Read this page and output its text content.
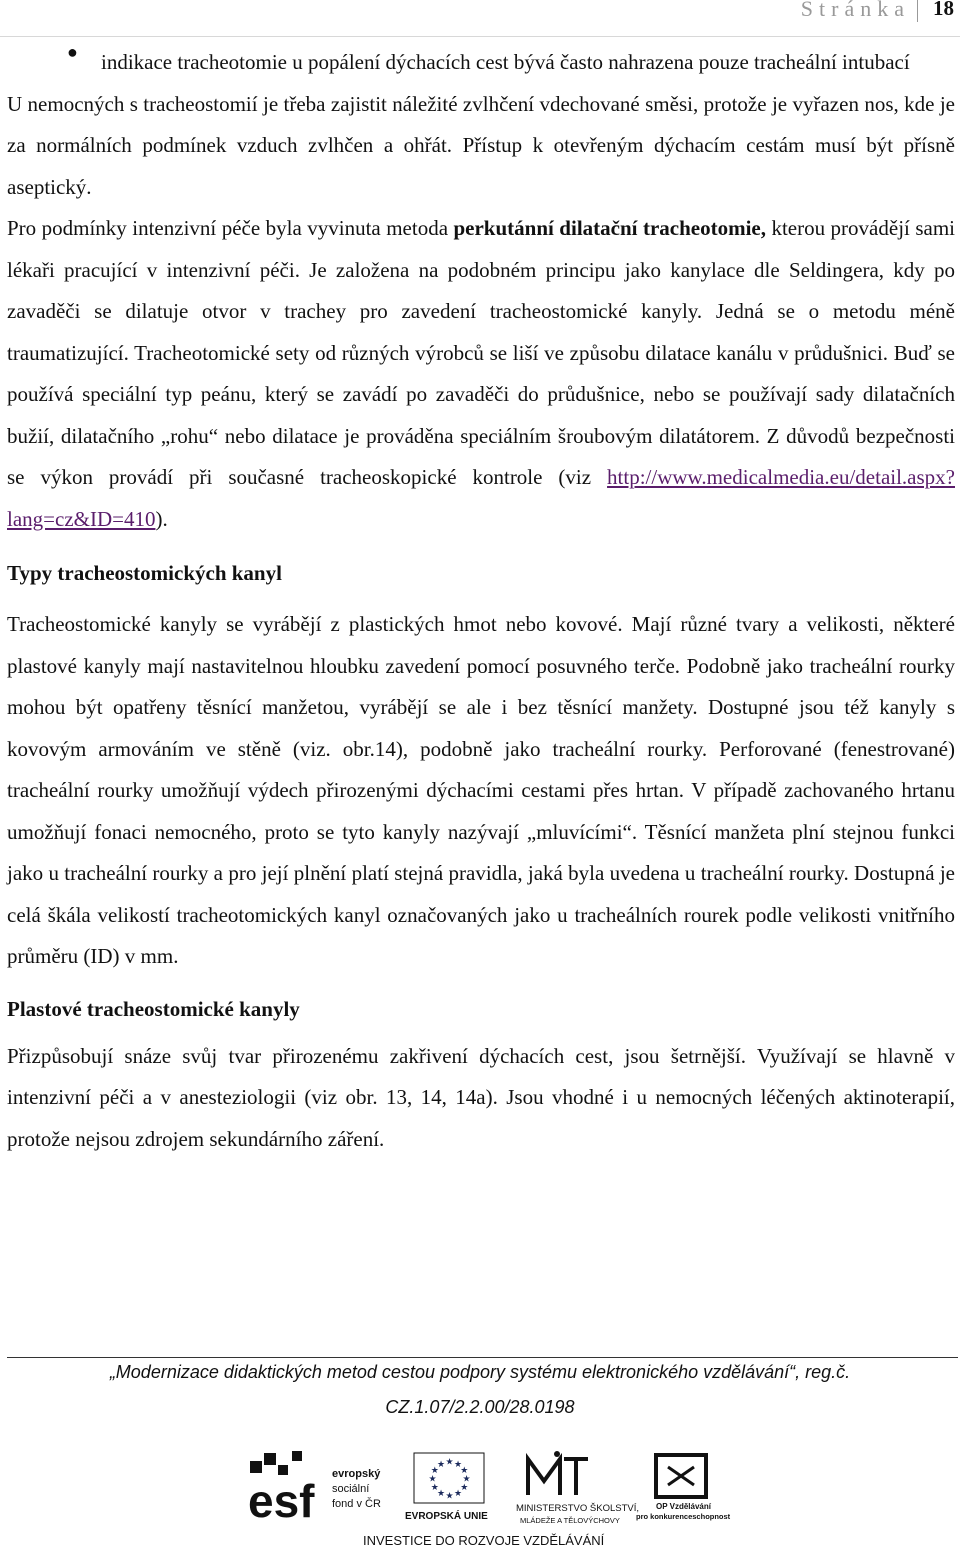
Stránka 18
● indikace tracheotomie u popálení dýchacích cest bývá často nahrazena pouze tracheální intubací

U nemocných s tracheostomií je třeba zajistit náležité zvlhčení vdechované směsi, protože je vyřazen nos, kde je za normálních podmínek vzduch zvlhčen a ohřát. Přístup k otevřeným dýchacím cestám musí být přísně aseptický.

Pro podmínky intenzivní péče byla vyvinuta metoda perkutánní dilatační tracheotomie, kterou provádějí sami lékaři pracující v intenzivní péči. Je založena na podobném principu jako kanylace dle Seldingera, kdy po zavaděči se dilatuje otvor v trachey pro zavedení tracheostomické kanyly. Jedná se o metodu méně traumatizující. Tracheotomické sety od různých výrobců se liší ve způsobu dilatace kanálu v průdušnici. Buď se používá speciální typ peánu, který se zavádí po zavaděči do průdušnice, nebo se používají sady dilatačních bužií, dilatačního „rohu“ nebo dilatace je prováděna speciálním šroubovým dilatátorem. Z důvodů bezpečnosti se výkon provádí při současné tracheoskopické kontrole (viz http://www.medicalmedia.eu/detail.aspx?lang=cz&ID=410).

Typy tracheostomických kanyl

Tracheostomické kanyly se vyrábějí z plastických hmot nebo kovové. Mají různé tvary a velikosti, některé plastové kanyly mají nastavitelnou hloubku zavedení pomocí posuvného terče. Podobně jako tracheální rourky mohou být opatřeny těsnící manžetou, vyrábějí se ale i bez těsnící manžety. Dostupné jsou též kanyly s kovovým armováním ve stěně (viz. obr.14), podobně jako tracheální rourky. Perforované (fenestrované) tracheální rourky umožňují výdech přirozenými dýchacími cestami přes hrtan. V případě zachovaného hrtanu umožňují fonaci nemocného, proto se tyto kanyly nazývají „mluvícími“. Těsnící manžeta plní stejnou funkci jako u tracheální rourky a pro její plnění platí stejná pravidla, jaká byla uvedena u tracheální rourky. Dostupná je celá škála velikostí tracheotomických kanyl označovaných jako u tracheálních rourek podle velikosti vnitřního průměru (ID) v mm.

Plastové tracheostomické kanyly

Přizpůsobují snáze svůj tvar přirozenému zakřivení dýchacích cest, jsou šetrnější. Využívají se hlavně v intenzivní péči a v anesteziologii (viz obr. 13, 14, 14a). Jsou vhodné i u nemocných léčených aktinoterapií, protože nejsou zdrojem sekundárního záření.

„Modernizace didaktických metod cestou podpory systému elektronického vzdělávání“, reg.č.
CZ.1.07/2.2.00/28.0198
esf
evropský
sociální
fond v ČR
★
★
★
★
★
★
★
★
★ ★ ★
★
EVROPSKÁ UNIE
MINISTERSTVO ŠKOLSTVÍ,
MLÁDEŽE A TĚLOVÝCHOVY
OP Vzdělávání
pro konkurenceschopnost
INVESTICE DO ROZVOJE VZDĚLÁVÁNÍ
